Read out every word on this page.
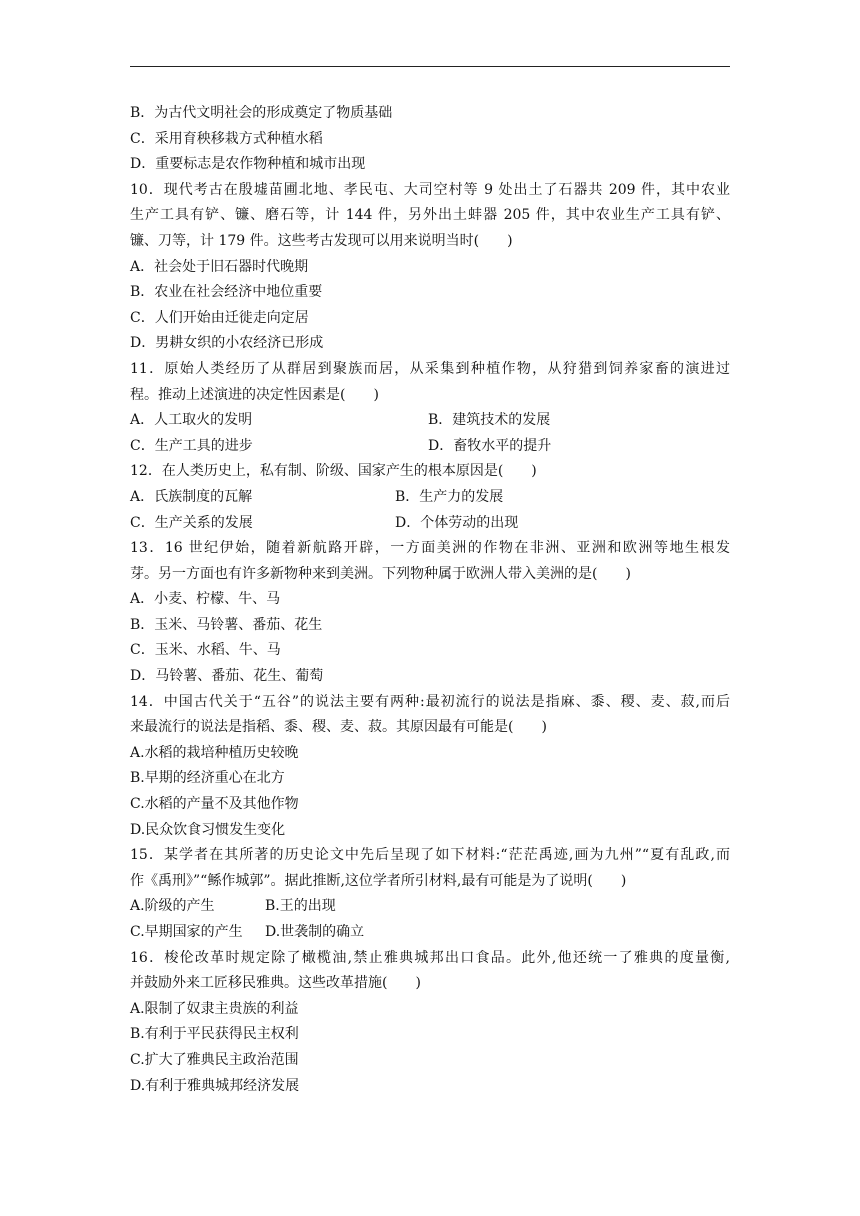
B．为古代文明社会的形成奠定了物质基础
C．采用育秧移栽方式种植水稻
D．重要标志是农作物种植和城市出现
10．现代考古在殷墟苗圃北地、孝民屯、大司空村等 9 处出土了石器共 209 件，其中农业
生产工具有铲、镰、磨石等，计 144 件，另外出土蚌器 205 件，其中农业生产工具有铲、
镰、刀等，计 179 件。这些考古发现可以用来说明当时(　　)
A．社会处于旧石器时代晚期
B．农业在社会经济中地位重要
C．人们开始由迁徙走向定居
D．男耕女织的小农经济已形成
11．原始人类经历了从群居到聚族而居，从采集到种植作物，从狩猎到饲养家畜的演进过
程。推动上述演进的决定性因素是(　　)
A．人工取火的发明	B．建筑技术的发展
C．生产工具的进步	D．畜牧水平的提升
12．在人类历史上，私有制、阶级、国家产生的根本原因是(　　)
A．氏族制度的瓦解	B．生产力的发展
C．生产关系的发展	D．个体劳动的出现
13．16 世纪伊始，随着新航路开辟，一方面美洲的作物在非洲、亚洲和欧洲等地生根发
芽。另一方面也有许多新物种来到美洲。下列物种属于欧洲人带入美洲的是(　　)
A．小麦、柠檬、牛、马
B．玉米、马铃薯、番茄、花生
C．玉米、水稻、牛、马
D．马铃薯、番茄、花生、葡萄
14．中国古代关于“五谷”的说法主要有两种:最初流行的说法是指麻、黍、稷、麦、菽,而后
来最流行的说法是指稻、黍、稷、麦、菽。其原因最有可能是(　　)
A.水稻的栽培种植历史较晚
B.早期的经济重心在北方
C.水稻的产量不及其他作物
D.民众饮食习惯发生变化
15．某学者在其所著的历史论文中先后呈现了如下材料:“茫茫禹迹,画为九州”“夏有乱政,而
作《禹刑》”“鲧作城郭”。据此推断,这位学者所引材料,最有可能是为了说明(　　)
A.阶级的产生	B.王的出现
C.早期国家的产生	D.世袭制的确立
16．梭伦改革时规定除了橄榄油,禁止雅典城邦出口食品。此外,他还统一了雅典的度量衡,
并鼓励外来工匠移民雅典。这些改革措施(　　)
A.限制了奴隶主贵族的利益
B.有利于平民获得民主权利
C.扩大了雅典民主政治范围
D.有利于雅典城邦经济发展
